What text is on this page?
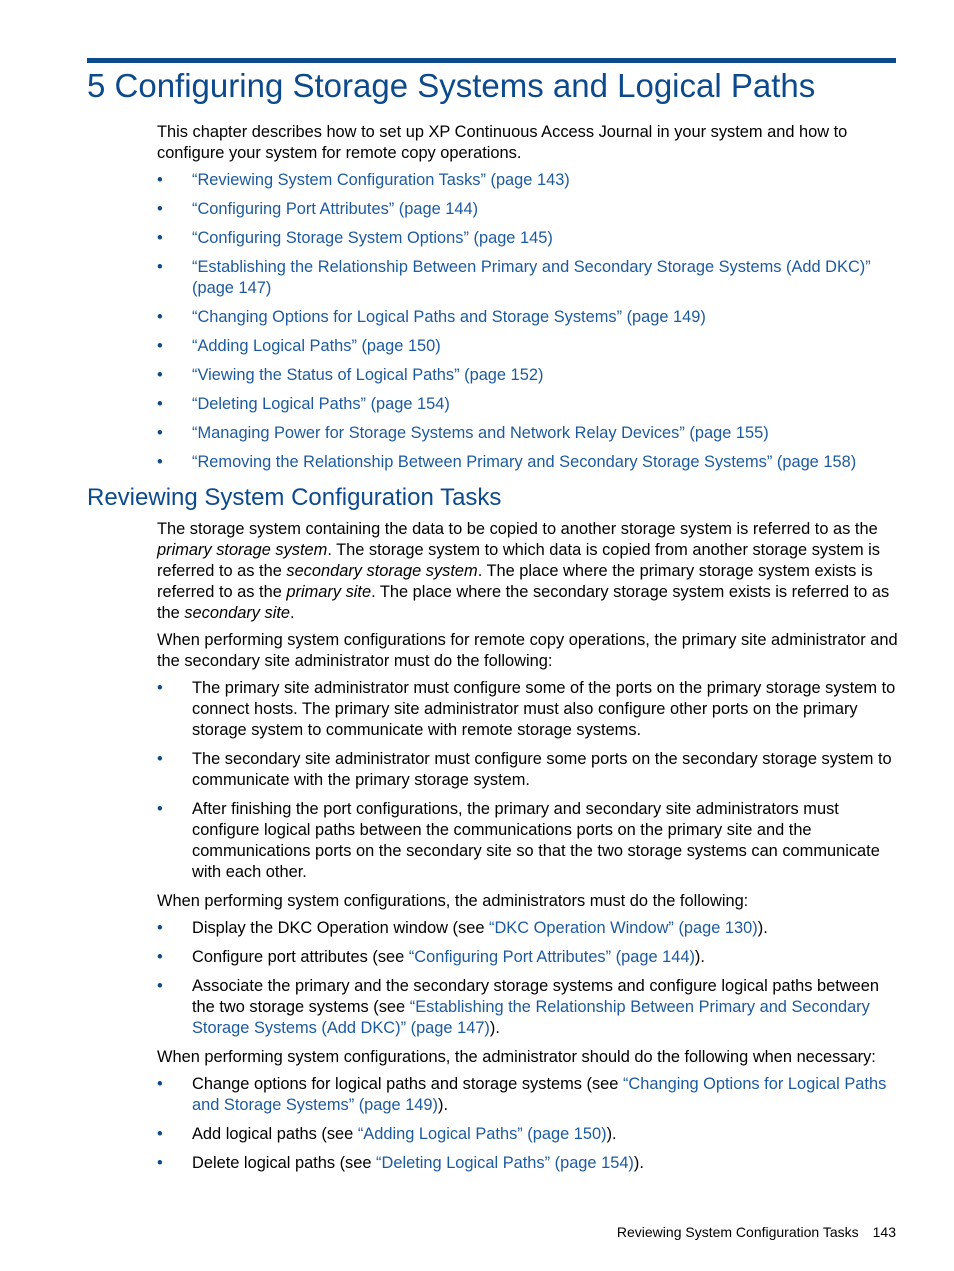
5 Configuring Storage Systems and Logical Paths

This chapter describes how to set up XP Continuous Access Journal in your system and how to configure your system for remote copy operations.

• “Reviewing System Configuration Tasks” (page 143)
• “Configuring Port Attributes” (page 144)
• “Configuring Storage System Options” (page 145)
• “Establishing the Relationship Between Primary and Secondary Storage Systems (Add DKC)” (page 147)
• “Changing Options for Logical Paths and Storage Systems” (page 149)
• “Adding Logical Paths” (page 150)
• “Viewing the Status of Logical Paths” (page 152)
• “Deleting Logical Paths” (page 154)
• “Managing Power for Storage Systems and Network Relay Devices” (page 155)
• “Removing the Relationship Between Primary and Secondary Storage Systems” (page 158)
Reviewing System Configuration Tasks

The storage system containing the data to be copied to another storage system is referred to as the primary storage system. The storage system to which data is copied from another storage system is referred to as the secondary storage system. The place where the primary storage system exists is referred to as the primary site. The place where the secondary storage system exists is referred to as the secondary site.

When performing system configurations for remote copy operations, the primary site administrator and the secondary site administrator must do the following:

• The primary site administrator must configure some of the ports on the primary storage system to connect hosts. The primary site administrator must also configure other ports on the primary storage system to communicate with remote storage systems.
• The secondary site administrator must configure some ports on the secondary storage system to communicate with the primary storage system.
• After finishing the port configurations, the primary and secondary site administrators must configure logical paths between the communications ports on the primary site and the communications ports on the secondary site so that the two storage systems can communicate with each other.

When performing system configurations, the administrators must do the following:

• Display the DKC Operation window (see “DKC Operation Window” (page 130)).
• Configure port attributes (see “Configuring Port Attributes” (page 144)).
• Associate the primary and the secondary storage systems and configure logical paths between the two storage systems (see “Establishing the Relationship Between Primary and Secondary Storage Systems (Add DKC)” (page 147)).

When performing system configurations, the administrator should do the following when necessary:

• Change options for logical paths and storage systems (see “Changing Options for Logical Paths and Storage Systems” (page 149)).
• Add logical paths (see “Adding Logical Paths” (page 150)).
• Delete logical paths (see “Deleting Logical Paths” (page 154)).
Reviewing System Configuration Tasks 143
